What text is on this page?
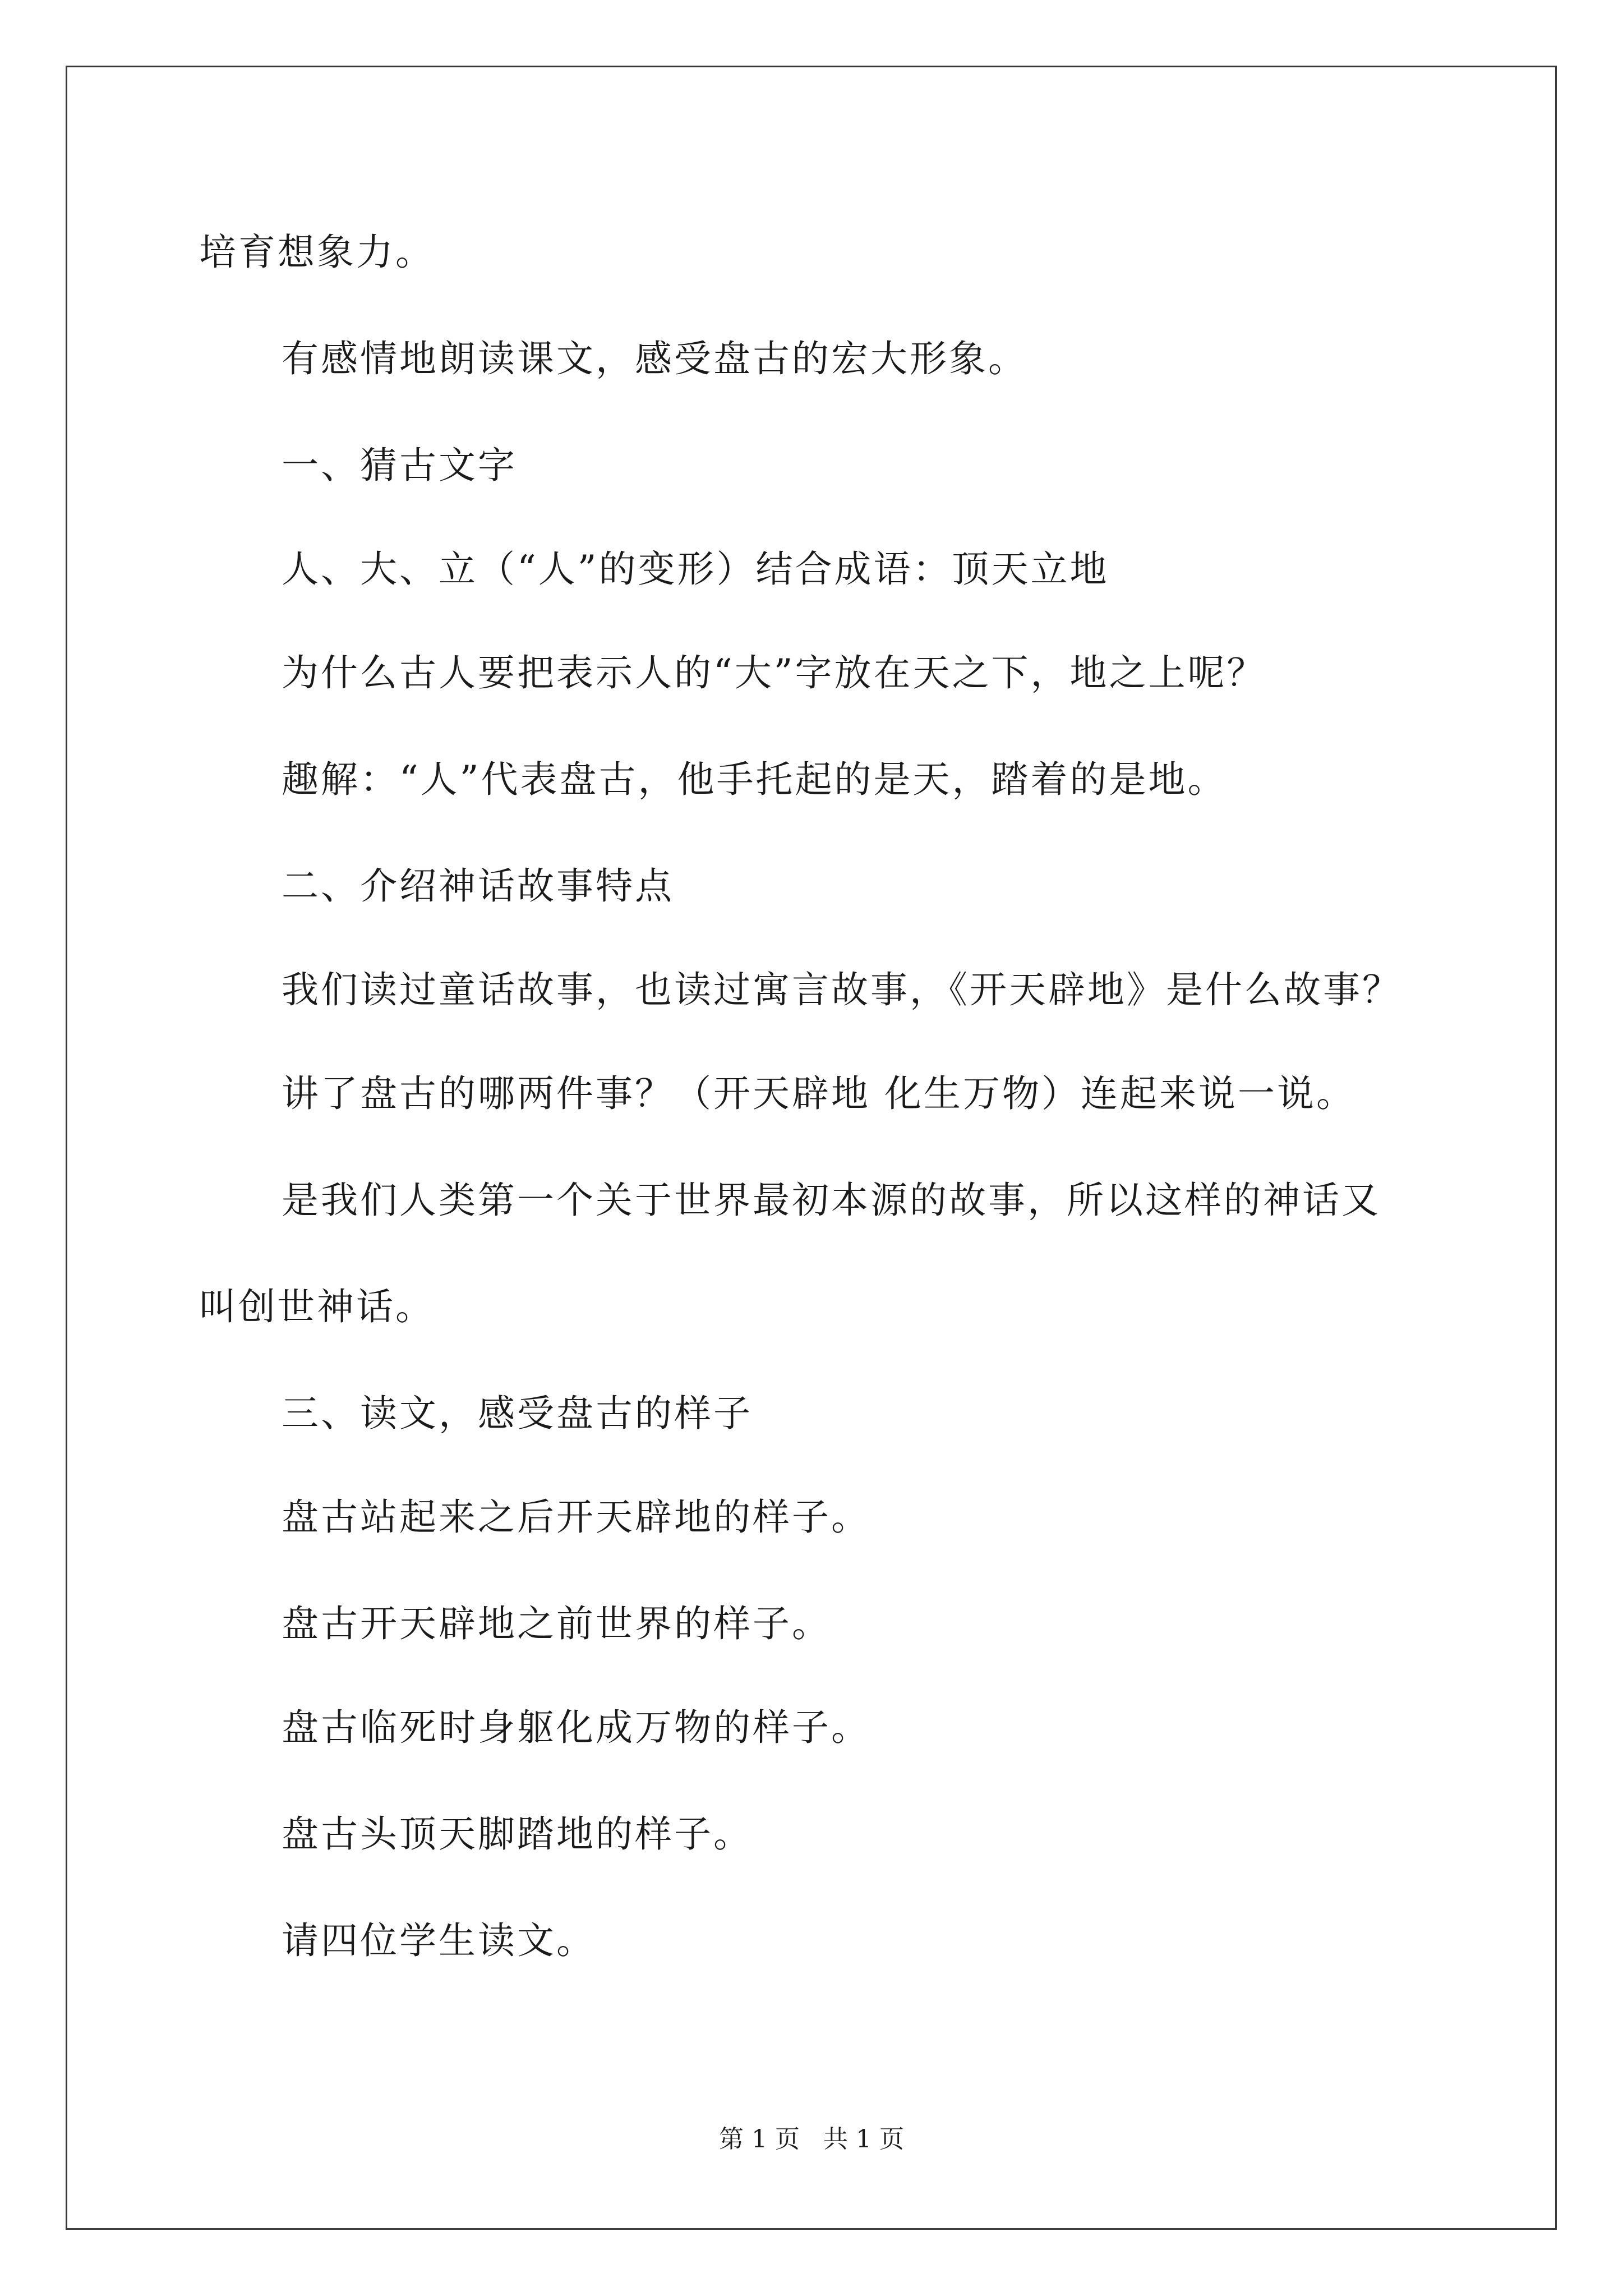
培育想象力。
有感情地朗读课文，感受盘古的宏大形象。
一、猜古文字
人、大、立（“人”的变形）结合成语：顶天立地
为什么古人要把表示人的“大”字放在天之下，地之上呢？
趣解：“人”代表盘古，他手托起的是天，踏着的是地。
二、介绍神话故事特点
我们读过童话故事，也读过寓言故事，《开天辟地》是什么故事？
讲了盘古的哪两件事？（开天辟地 化生万物）连起来说一说。
是我们人类第一个关于世界最初本源的故事，所以这样的神话又
叫创世神话。
三、读文，感受盘古的样子
盘古站起来之后开天辟地的样子。
盘古开天辟地之前世界的样子。
盘古临死时身躯化成万物的样子。
盘古头顶天脚踏地的样子。
请四位学生读文。
第 1 页   共 1 页
